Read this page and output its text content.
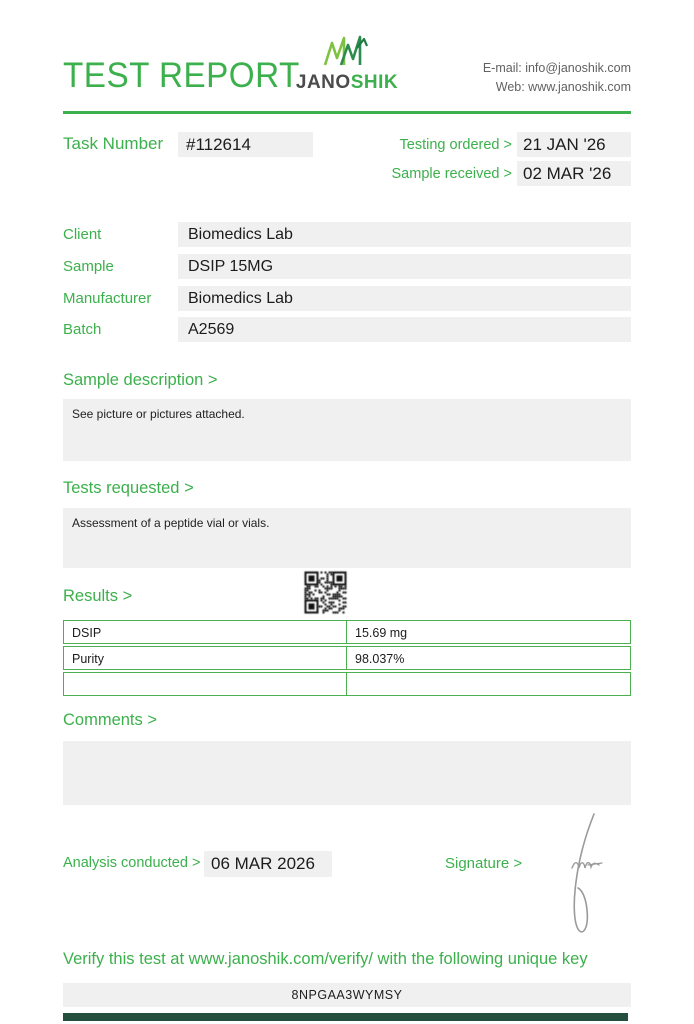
TEST REPORT
JANOSHIK
E-mail: info@janoshik.com
Web: www.janoshik.com
Task Number	#112614	Testing ordered > 21 JAN '26
Sample received > 02 MAR '26
Client	Biomedics Lab
Sample	DSIP 15MG
Manufacturer	Biomedics Lab
Batch	A2569
Sample description >
See picture or pictures attached.
Tests requested >
Assessment of a peptide vial or vials.
Results >
DSIP	15.69 mg
Purity	98.037%
Comments >
Analysis conducted > 06 MAR 2026	Signature >
Verify this test at www.janoshik.com/verify/ with the following unique key
8NPGAA3WYMSY
